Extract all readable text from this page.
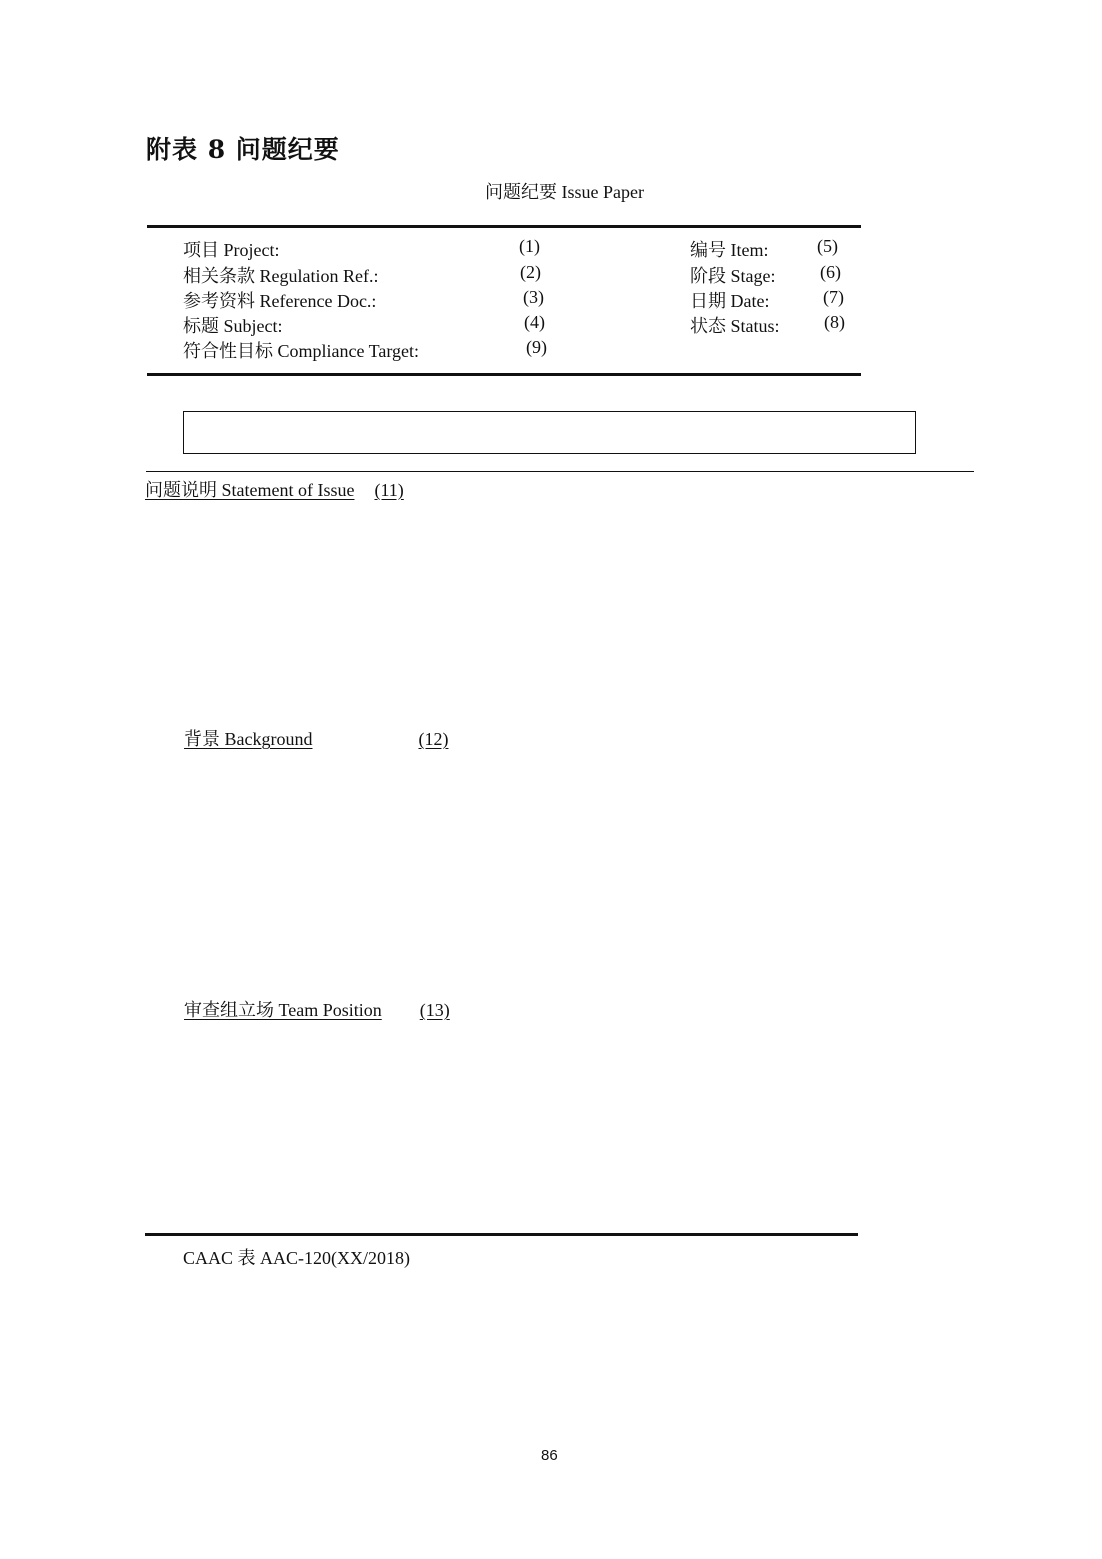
附表 8 问题纪要
问题纪要 Issue Paper
项目 Project:	(1)
相关条款 Regulation Ref.:	(2)
参考资料 Reference Doc.:	(3)
标题 Subject:	(4)
符合性目标 Compliance Target:	(9)
编号 Item:	(5)
阶段 Stage: (6)
日期 Date:	(7)
状态 Status: (8)
问题说明 Statement of Issue (11)
背景 Background	(12)
审查组立场 Team Position (13)
CAAC 表 AAC-120(XX/2018)
86
